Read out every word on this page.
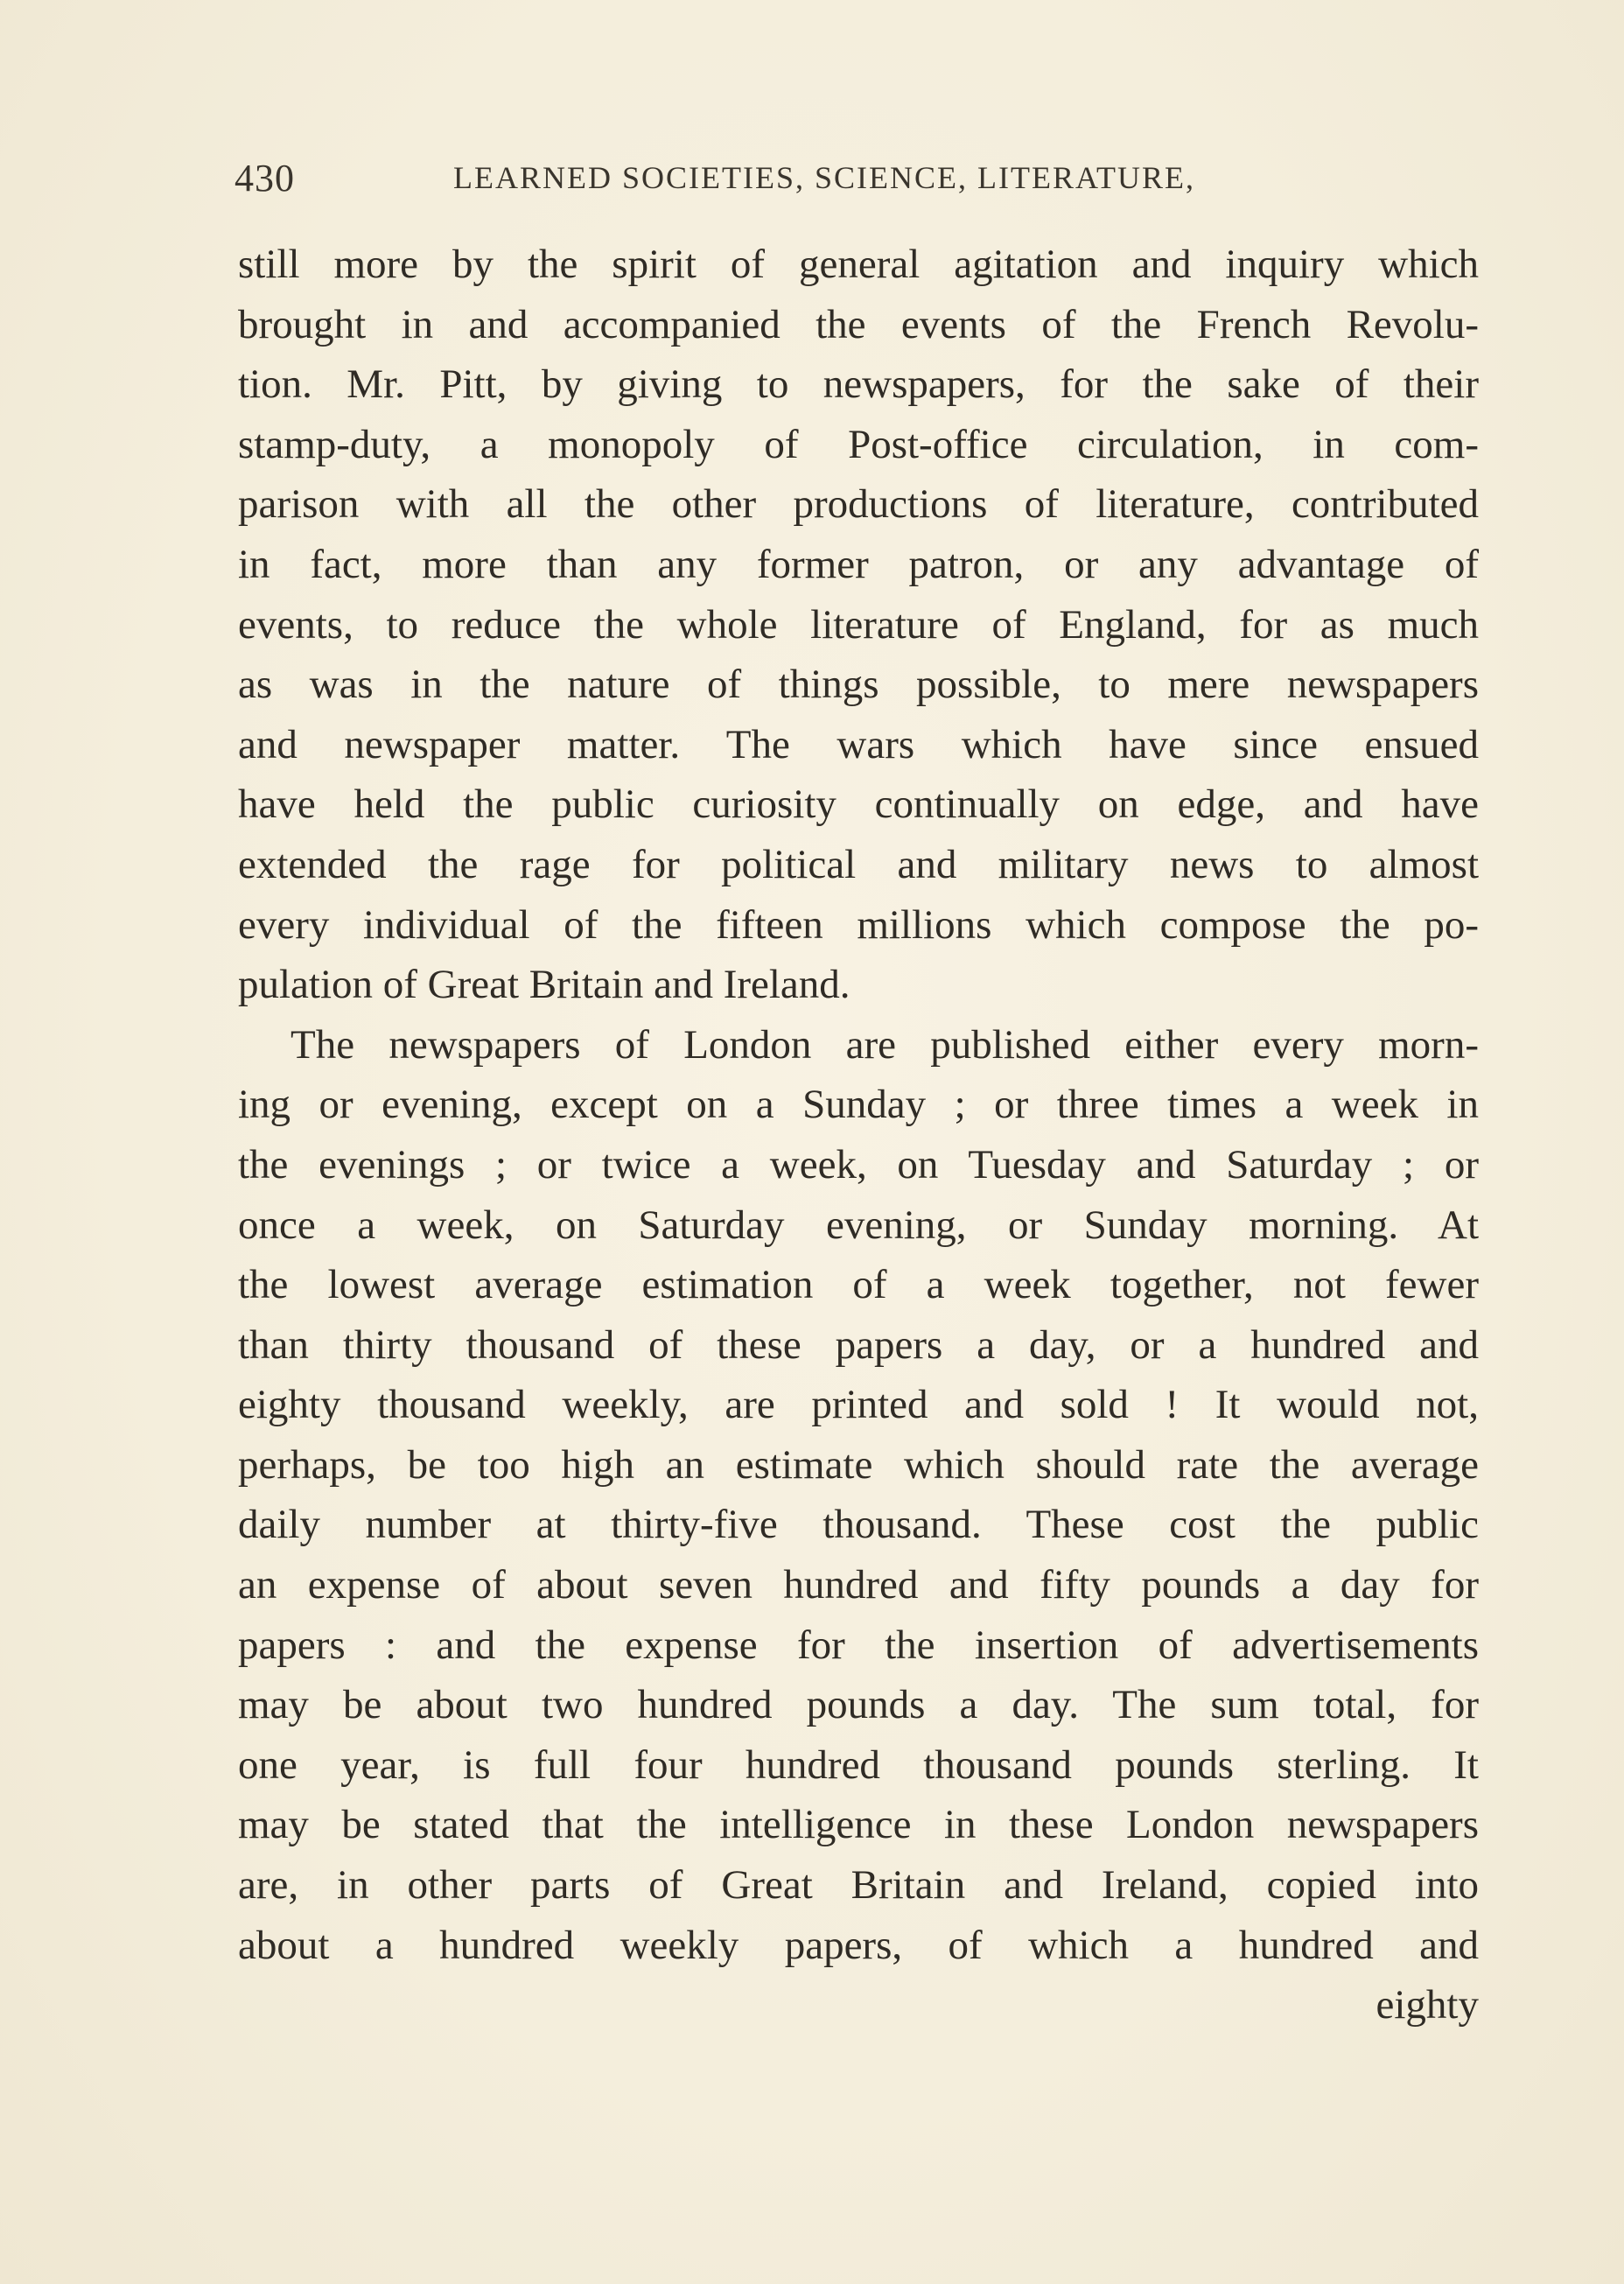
430	LEARNED SOCIETIES, SCIENCE, LITERATURE,
still more by the spirit of general agitation and inquiry which
brought in and accompanied the events of the French Revolu-
tion. Mr. Pitt, by giving to newspapers, for the sake of their
stamp-duty, a monopoly of Post-office circulation, in com-
parison with all the other productions of literature, contributed
in fact, more than any former patron, or any advantage of
events, to reduce the whole literature of England, for as much
as was in the nature of things possible, to mere newspapers
and newspaper matter. The wars which have since ensued
have held the public curiosity continually on edge, and have
extended the rage for political and military news to almost
every individual of the fifteen millions which compose the po-
pulation of Great Britain and Ireland.
The newspapers of London are published either every morn-
ing or evening, except on a Sunday ; or three times a week in
the evenings ; or twice a week, on Tuesday and Saturday ; or
once a week, on Saturday evening, or Sunday morning. At
the lowest average estimation of a week together, not fewer
than thirty thousand of these papers a day, or a hundred and
eighty thousand weekly, are printed and sold ! It would not,
perhaps, be too high an estimate which should rate the average
daily number at thirty-five thousand. These cost the public
an expense of about seven hundred and fifty pounds a day for
papers : and the expense for the insertion of advertisements
may be about two hundred pounds a day. The sum total, for
one year, is full four hundred thousand pounds sterling. It
may be stated that the intelligence in these London newspapers
are, in other parts of Great Britain and Ireland, copied into
about a hundred weekly papers, of which a hundred and
eighty
